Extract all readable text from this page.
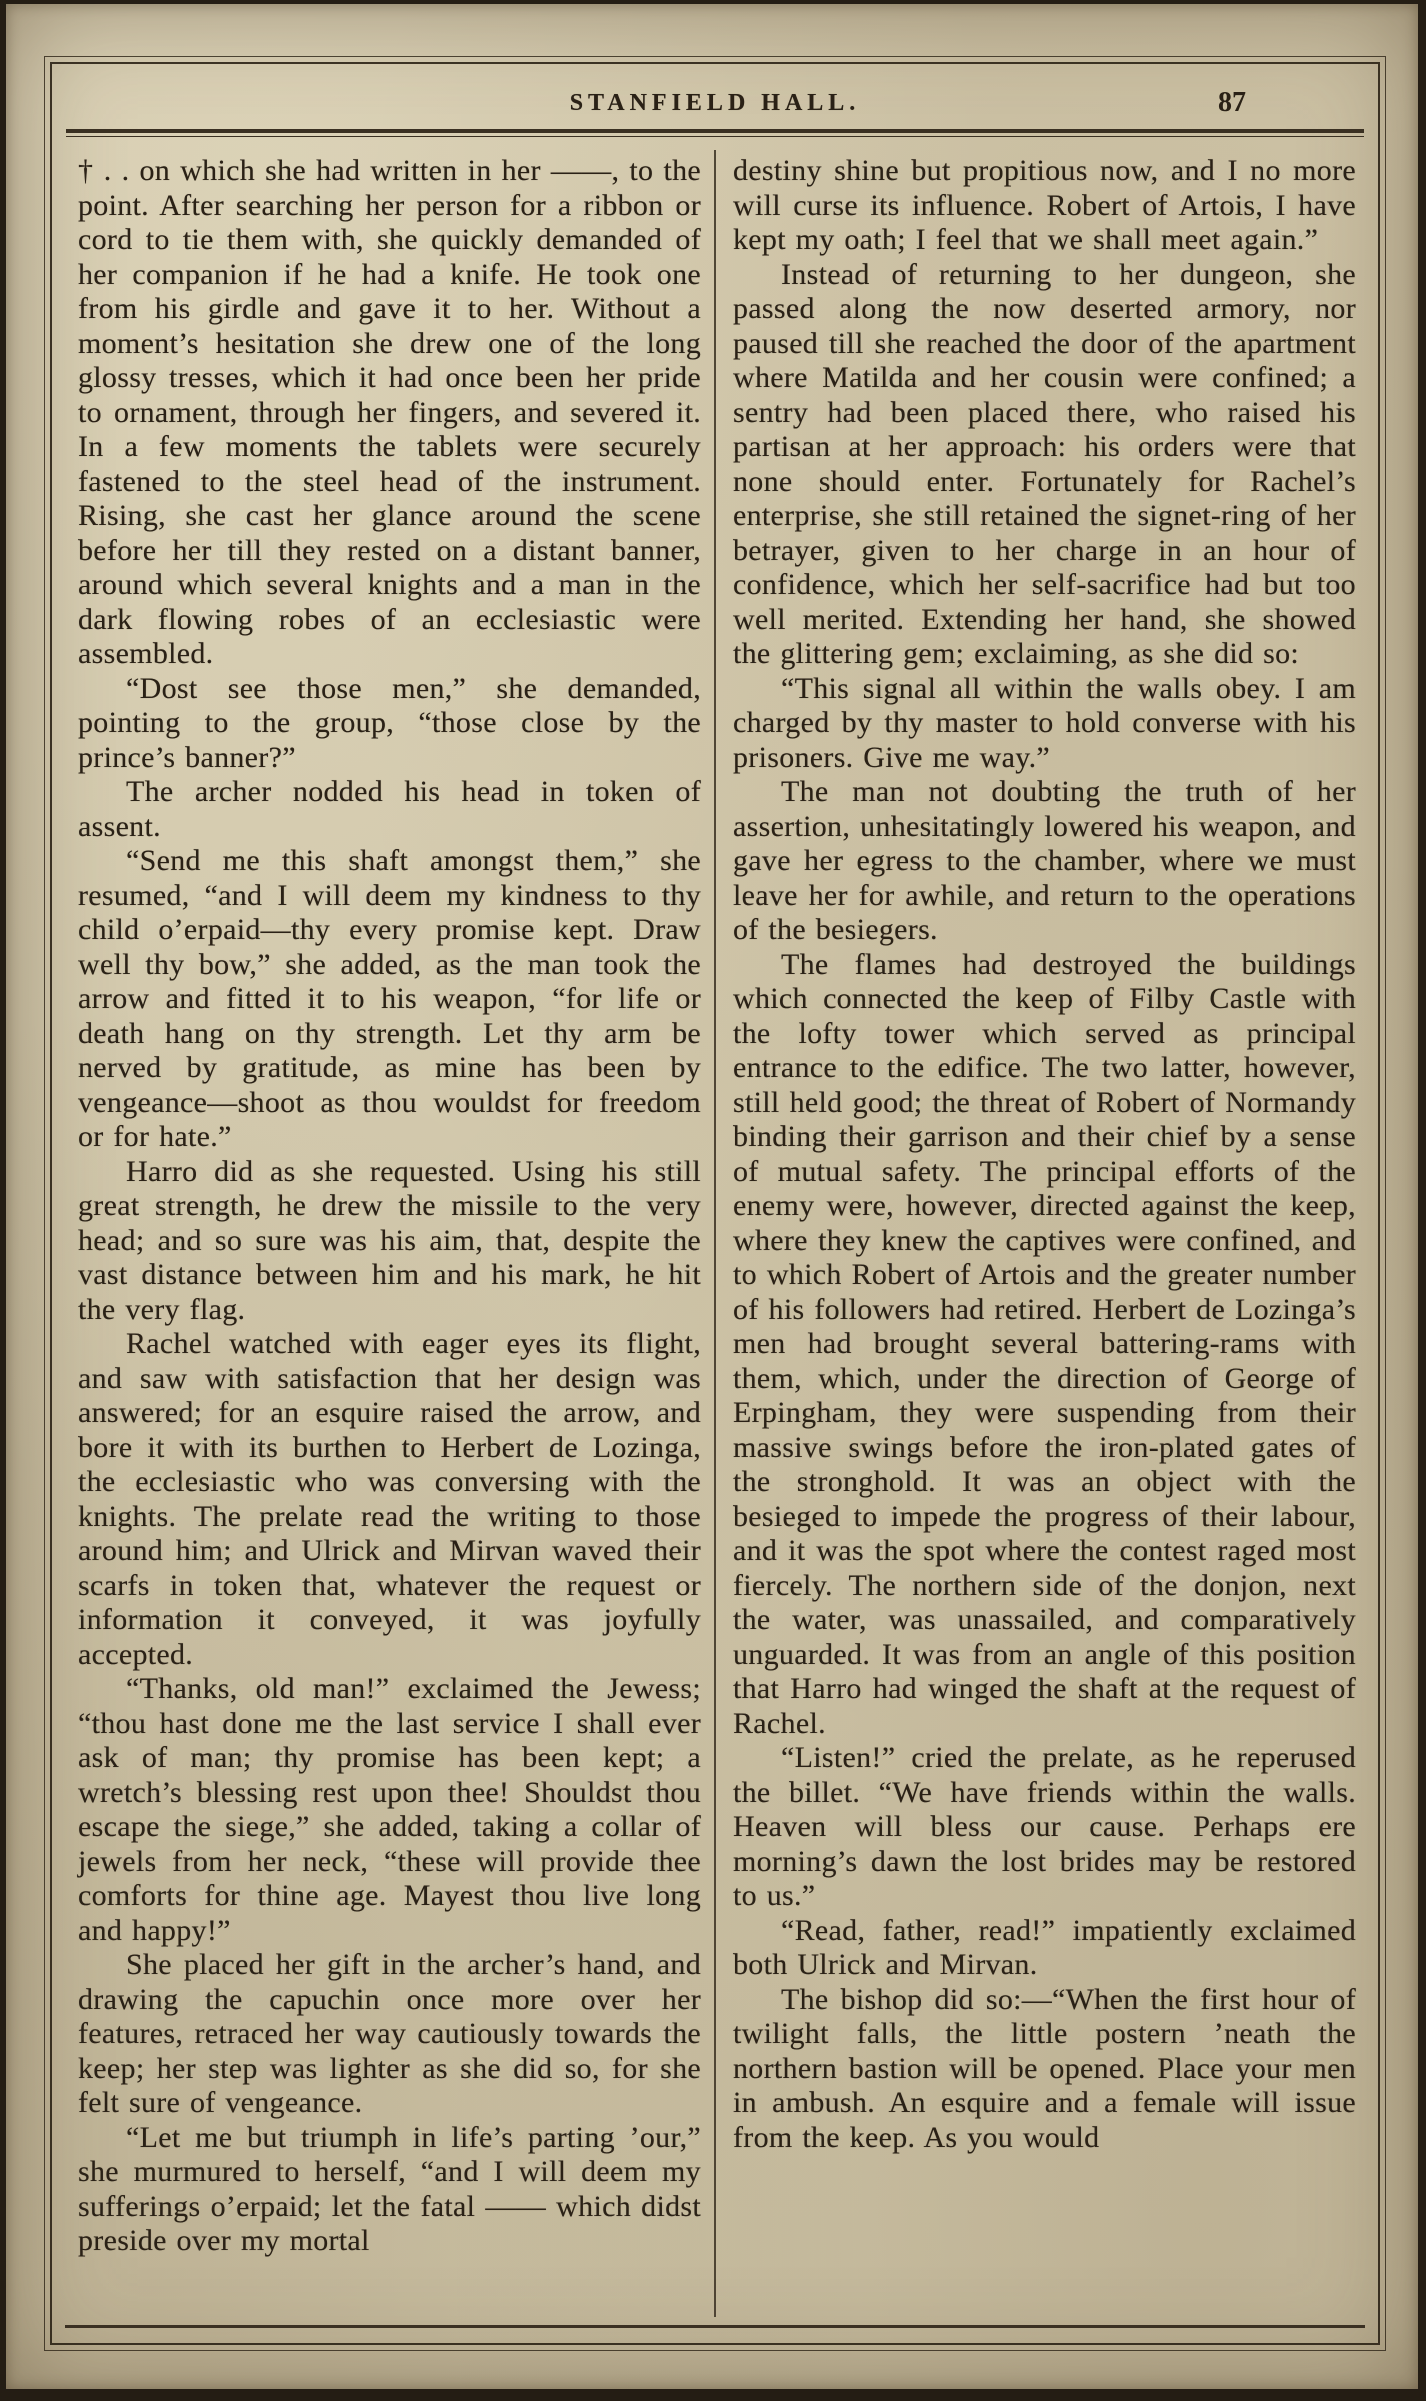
STANFIELD HALL.	87

† . . on which she had written in her ——, to the point. After searching her person for a ribbon or cord to tie them with, she quickly demanded of her companion if he had a knife. He took one from his girdle and gave it to her. Without a moment’s hesitation she drew one of the long glossy tresses, which it had once been her pride to ornament, through her fingers, and severed it. In a few moments the tablets were securely fastened to the steel head of the instrument. Rising, she cast her glance around the scene before her till they rested on a distant banner, around which several knights and a man in the dark flowing robes of an ecclesiastic were assembled.

“Dost see those men,” she demanded, pointing to the group, “those close by the prince’s banner?”

The archer nodded his head in token of assent.

“Send me this shaft amongst them,” she resumed, “and I will deem my kindness to thy child o’erpaid—thy every promise kept. Draw well thy bow,” she added, as the man took the arrow and fitted it to his weapon, “for life or death hang on thy strength. Let thy arm be nerved by gratitude, as mine has been by vengeance—shoot as thou wouldst for freedom or for hate.”

Harro did as she requested. Using his still great strength, he drew the missile to the very head; and so sure was his aim, that, despite the vast distance between him and his mark, he hit the very flag.

Rachel watched with eager eyes its flight, and saw with satisfaction that her design was answered; for an esquire raised the arrow, and bore it with its burthen to Herbert de Lozinga, the ecclesiastic who was conversing with the knights. The prelate read the writing to those around him; and Ulrick and Mirvan waved their scarfs in token that, whatever the request or information it conveyed, it was joyfully accepted.

“Thanks, old man!” exclaimed the Jewess; “thou hast done me the last service I shall ever ask of man; thy promise has been kept; a wretch’s blessing rest upon thee! Shouldst thou escape the siege,” she added, taking a collar of jewels from her neck, “these will provide thee comforts for thine age. Mayest thou live long and happy!”

She placed her gift in the archer’s hand, and drawing the capuchin once more over her features, retraced her way cautiously towards the keep; her step was lighter as she did so, for she felt sure of vengeance.

“Let me but triumph in life’s parting ’our,” she murmured to herself, “and I will deem my sufferings o’erpaid; let the fatal —— which didst preside over my mortal

destiny shine but propitious now, and I no more will curse its influence. Robert of Artois, I have kept my oath; I feel that we shall meet again.”

Instead of returning to her dungeon, she passed along the now deserted armory, nor paused till she reached the door of the apartment where Matilda and her cousin were confined; a sentry had been placed there, who raised his partisan at her approach: his orders were that none should enter. Fortunately for Rachel’s enterprise, she still retained the signet-ring of her betrayer, given to her charge in an hour of confidence, which her self-sacrifice had but too well merited. Extending her hand, she showed the glittering gem; exclaiming, as she did so:

“This signal all within the walls obey. I am charged by thy master to hold converse with his prisoners. Give me way.”

The man not doubting the truth of her assertion, unhesitatingly lowered his weapon, and gave her egress to the chamber, where we must leave her for awhile, and return to the operations of the besiegers.

The flames had destroyed the buildings which connected the keep of Filby Castle with the lofty tower which served as principal entrance to the edifice. The two latter, however, still held good; the threat of Robert of Normandy binding their garrison and their chief by a sense of mutual safety. The principal efforts of the enemy were, however, directed against the keep, where they knew the captives were confined, and to which Robert of Artois and the greater number of his followers had retired. Herbert de Lozinga’s men had brought several battering-rams with them, which, under the direction of George of Erpingham, they were suspending from their massive swings before the iron-plated gates of the stronghold. It was an object with the besieged to impede the progress of their labour, and it was the spot where the contest raged most fiercely. The northern side of the donjon, next the water, was unassailed, and comparatively unguarded. It was from an angle of this position that Harro had winged the shaft at the request of Rachel.

“Listen!” cried the prelate, as he reperused the billet. “We have friends within the walls. Heaven will bless our cause. Perhaps ere morning’s dawn the lost brides may be restored to us.”

“Read, father, read!” impatiently exclaimed both Ulrick and Mirvan.

The bishop did so:—“When the first hour of twilight falls, the little postern ’neath the northern bastion will be opened. Place your men in ambush. An esquire and a female will issue from the keep. As you would
